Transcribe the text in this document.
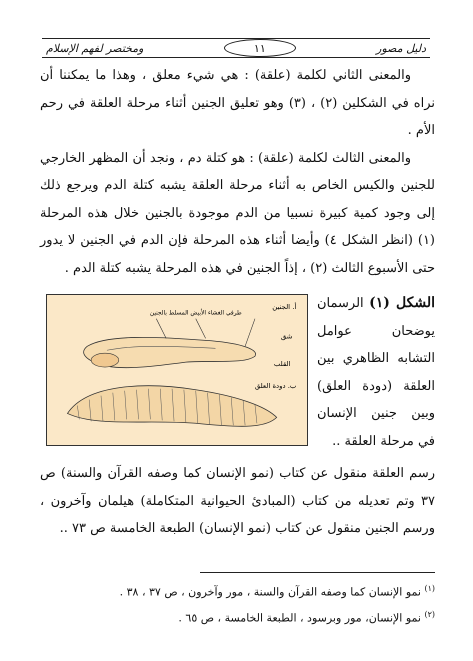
دليل مصور
١١
ومختصر لفهم الإسلام

والمعنى الثاني لكلمة (علقة) : هي شيء معلق ، وهذا ما يمكننا أن نراه في الشكلين (٢) ، (٣) وهو تعليق الجنين أثناء مرحلة العلقة في رحم الأم .

والمعنى الثالث لكلمة (علقة) : هو كتلة دم ، ونجد أن المظهر الخارجي للجنين والكيس الخاص به أثناء مرحلة العلقة يشبه كتلة الدم ويرجع ذلك إلى وجود كمية كبيرة نسبيا من الدم موجودة بالجنين خلال هذه المرحلة (١) (انظر الشكل ٤) وأيضا أثناء هذه المرحلة فإن الدم في الجنين لا يدور حتى الأسبوع الثالث (٢) ، إذاً الجنين في هذه المرحلة يشبه كتلة الدم .

الشكل (١) الرسمان يوضحان عوامل التشابه الظاهري بين العلقة (دودة العلق) وبين جنين الإنسان في مرحلة العلقة ..
أ. الجنين
طرفي الغشاء الأبيض المسلط بالجنين
شق
القلب
ب. دودة العلق
رسم العلقة منقول عن كتاب (نمو الإنسان كما وصفه القرآن والسنة) ص ٣٧ وتم تعديله من كتاب (المبادئ الحيوانية المتكاملة) هيلمان وآخرون ، ورسم الجنين منقول عن كتاب (نمو الإنسان) الطبعة الخامسة ص ٧٣ ..
$^{(١)}$ نمو الإنسان كما وصفه القرآن والسنة ، مور وآخرون ، ص ٣٧ ، ٣٨ .
$^{(٢)}$ نمو الإنسان، مور وبرسود ، الطبعة الخامسة ، ص ٦٥ .
